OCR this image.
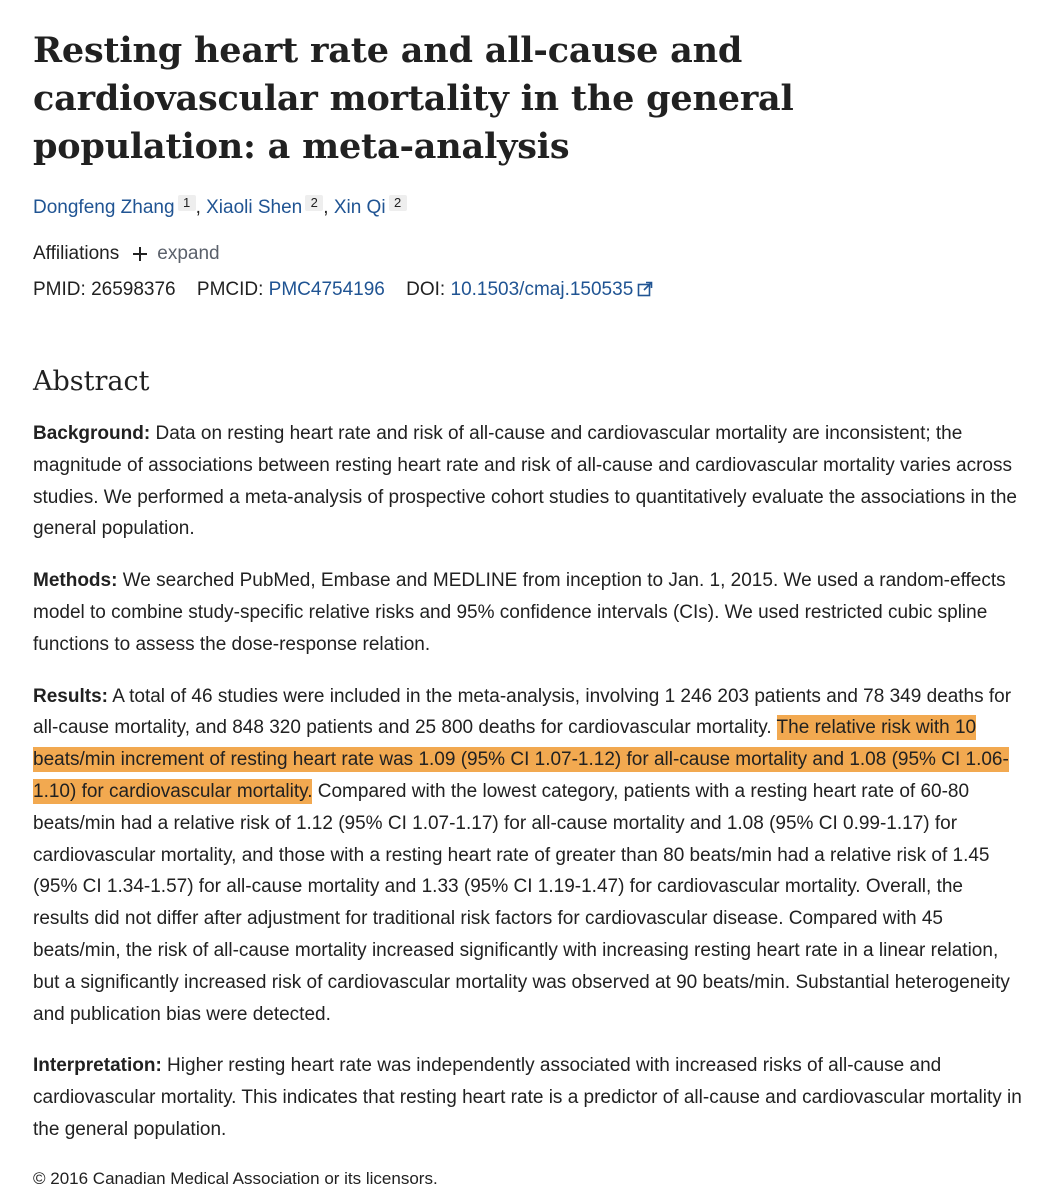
Resting heart rate and all-cause and cardiovascular mortality in the general population: a meta-analysis
Dongfeng Zhang 1 , Xiaoli Shen 2 , Xin Qi 2
Affiliations expand
PMID: 26598376 PMCID: PMC4754196 DOI: 10.1503/cmaj.150535
Abstract

Background: Data on resting heart rate and risk of all-cause and cardiovascular mortality are inconsistent; the magnitude of associations between resting heart rate and risk of all-cause and cardiovascular mortality varies across studies. We performed a meta-analysis of prospective cohort studies to quantitatively evaluate the associations in the general population.

Methods: We searched PubMed, Embase and MEDLINE from inception to Jan. 1, 2015. We used a random-effects model to combine study-specific relative risks and 95% confidence intervals (CIs). We used restricted cubic spline functions to assess the dose-response relation.

Results: A total of 46 studies were included in the meta-analysis, involving 1 246 203 patients and 78 349 deaths for all-cause mortality, and 848 320 patients and 25 800 deaths for cardiovascular mortality. The relative risk with 10 beats/min increment of resting heart rate was 1.09 (95% CI 1.07-1.12) for all-cause mortality and 1.08 (95% CI 1.06-1.10) for cardiovascular mortality. Compared with the lowest category, patients with a resting heart rate of 60-80 beats/min had a relative risk of 1.12 (95% CI 1.07-1.17) for all-cause mortality and 1.08 (95% CI 0.99-1.17) for cardiovascular mortality, and those with a resting heart rate of greater than 80 beats/min had a relative risk of 1.45 (95% CI 1.34-1.57) for all-cause mortality and 1.33 (95% CI 1.19-1.47) for cardiovascular mortality. Overall, the results did not differ after adjustment for traditional risk factors for cardiovascular disease. Compared with 45 beats/min, the risk of all-cause mortality increased significantly with increasing resting heart rate in a linear relation, but a significantly increased risk of cardiovascular mortality was observed at 90 beats/min. Substantial heterogeneity and publication bias were detected.

Interpretation: Higher resting heart rate was independently associated with increased risks of all-cause and cardiovascular mortality. This indicates that resting heart rate is a predictor of all-cause and cardiovascular mortality in the general population.

© 2016 Canadian Medical Association or its licensors.
